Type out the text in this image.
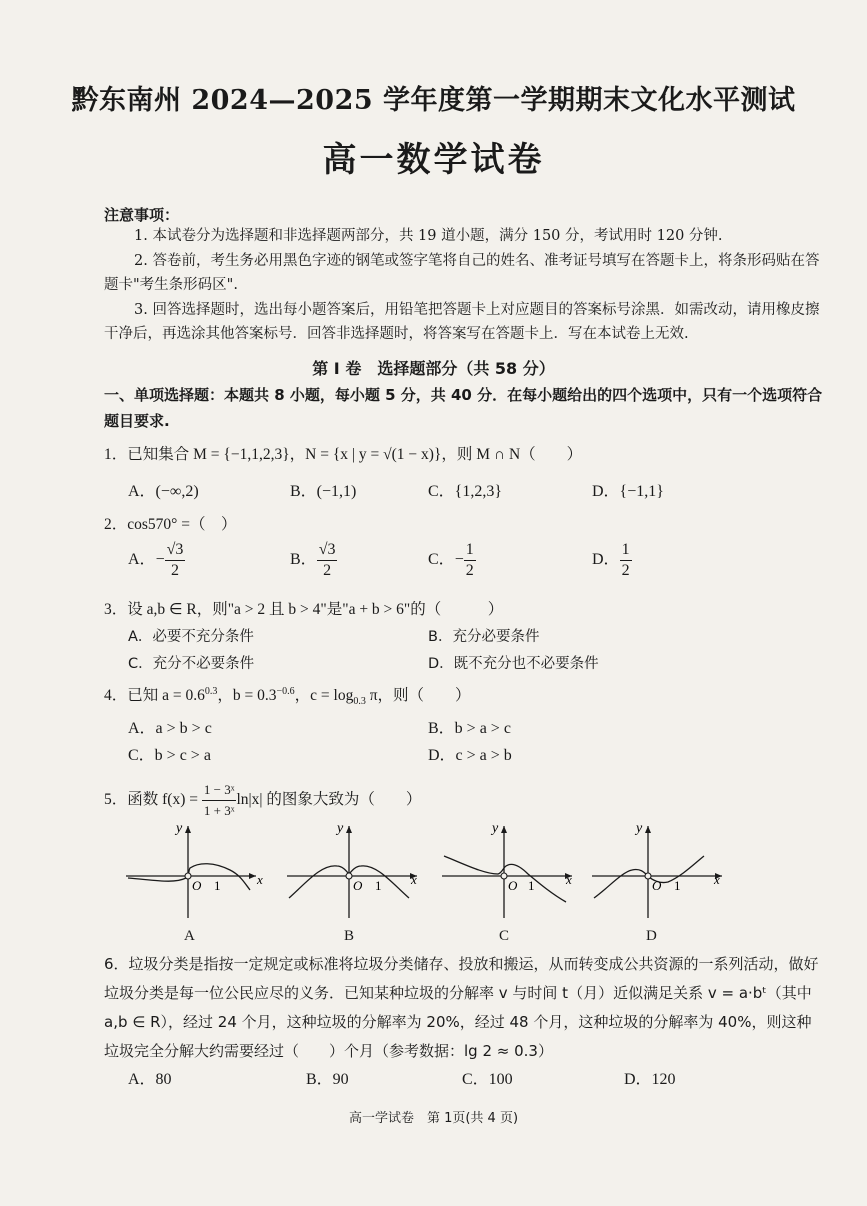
黔东南州 2024—2025 学年度第一学期期末文化水平测试
高一数学试卷
注意事项：

1. 本试卷分为选择题和非选择题两部分，共 19 道小题，满分 150 分，考试用时 120 分钟.

2. 答卷前，考生务必用黑色字迹的钢笔或签字笔将自己的姓名、准考证号填写在答题卡上，将条形码贴在答题卡"考生条形码区".

3. 回答选择题时，选出每小题答案后，用铅笔把答题卡上对应题目的答案标号涂黑．如需改动，请用橡皮擦干净后，再选涂其他答案标号．回答非选择题时，将答案写在答题卡上．写在本试卷上无效.

第 I 卷　选择题部分（共 58 分）
一、单项选择题：本题共 8 小题，每小题 5 分，共 40 分．在每小题给出的四个选项中，只有一个选项符合题目要求.
1．已知集合 M = {−1,1,2,3}，N = {x | y = √(1 − x)}，则 M ∩ N（　　）
A．(−∞,2)	B．(−1,1)	C．{1,2,3}	D．{−1,1}
2．cos570° =（　）
A．− $\frac{√3}{2}$	B． $\frac{√3}{2}$	C．− $\frac{1}{2}$	D． $\frac{1}{2}$
3．设 a,b ∈ R，则"a > 2 且 b > 4"是"a + b > 6"的（　　　）
A．必要不充分条件	B．充分必要条件
C．充分不必要条件	D．既不充分也不必要条件
4．已知 $a = 0.6^{0.3}$，$b = 0.3^{-0.6}$，$c = \log_{0.3} \pi$，则（　　）
A．a > b > c	B．b > a > c
C．b > c > a	D．c > a > b
5．函数 $f(x) = \frac{\text{1 − 3ˣ}}{\text{1 + 3ˣ}} \ln|x|$ 的图象大致为（　　）
y
x
O 1
y
x
O 1
y
x
O 1
y
x
O 1
A	B	C	D
6．垃圾分类是指按一定规定或标准将垃圾分类储存、投放和搬运，从而转变成公共资源的一系列活动，做好垃圾分类是每一位公民应尽的义务．已知某种垃圾的分解率 v 与时间 t（月）近似满足关系 v = a·bᵗ（其中 a,b ∈ R），经过 24 个月，这种垃圾的分解率为 20%，经过 48 个月，这种垃圾的分解率为 40%，则这种垃圾完全分解大约需要经过（　　）个月（参考数据：lg 2 ≈ 0.3）
A．80	B．90	C．100	D．120
高一学试卷　第 1页(共 4 页)
